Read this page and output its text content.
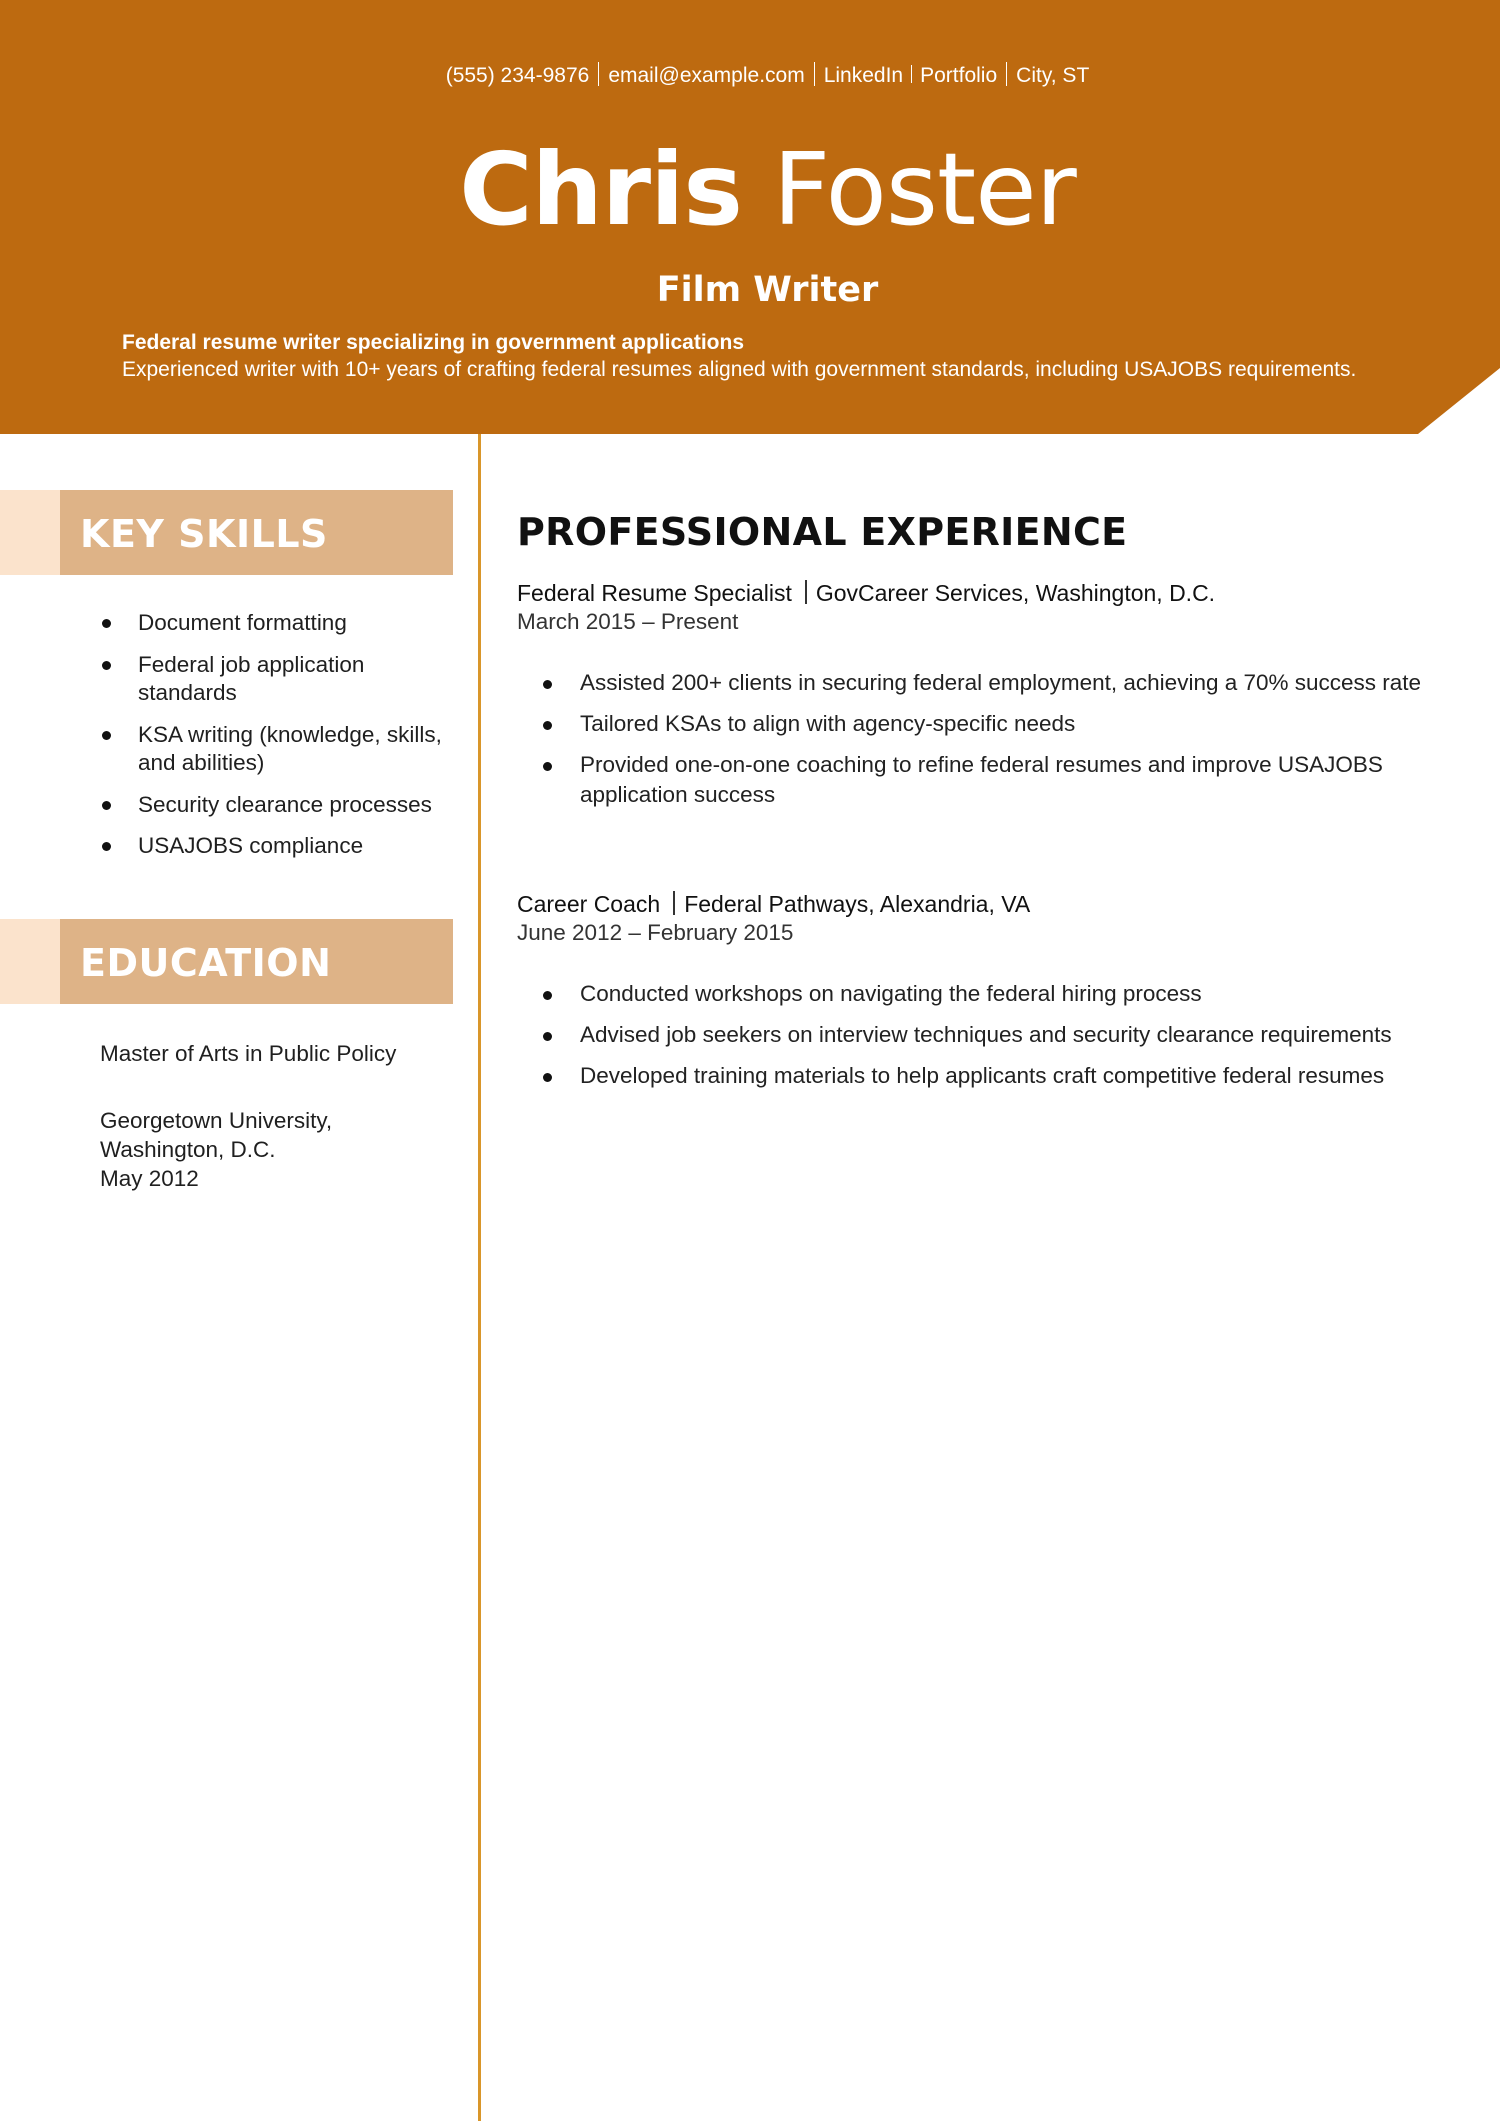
(555) 234-9876 email@example.com LinkedIn Portfolio City, ST
Chris Foster
Film Writer
Federal resume writer specializing in government applications
Experienced writer with 10+ years of crafting federal resumes aligned with government standards, including USAJOBS requirements.
KEY SKILLS
Document formatting
Federal job application standards
KSA writing (knowledge, skills, and abilities)
Security clearance processes
USAJOBS compliance
EDUCATION
Master of Arts in Public Policy
Georgetown University,
Washington, D.C.
May 2012
PROFESSIONAL EXPERIENCE
Federal Resume Specialist GovCareer Services, Washington, D.C.
March 2015 – Present
Assisted 200+ clients in securing federal employment, achieving a 70% success rate
Tailored KSAs to align with agency-specific needs
Provided one-on-one coaching to refine federal resumes and improve USAJOBS application success
Career Coach Federal Pathways, Alexandria, VA
June 2012 – February 2015
Conducted workshops on navigating the federal hiring process
Advised job seekers on interview techniques and security clearance requirements
Developed training materials to help applicants craft competitive federal resumes
